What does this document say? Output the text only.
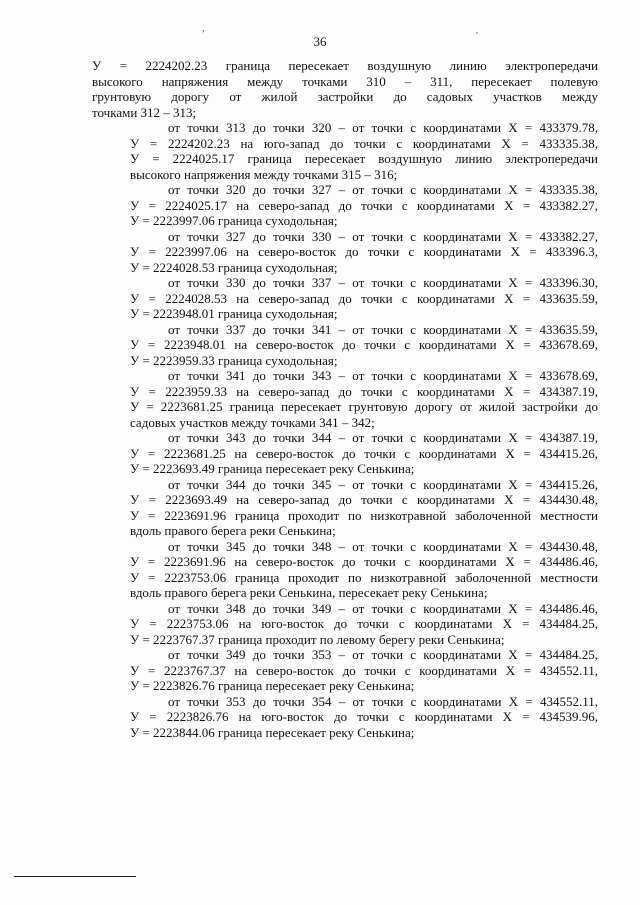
36
,
'
У = 2224202.23 граница пересекает воздушную линию электропередачи
высокого напряжения между точками 310 – 311, пересекает полевую
грунтовую дорогу от жилой застройки до садовых участков между
точками 312 – 313;
от точки 313 до точки 320 – от точки с координатами Х = 433379.78,
У = 2224202.23 на юго-запад до точки с координатами Х = 433335.38,
У = 2224025.17 граница пересекает воздушную линию электропередачи
высокого напряжения между точками 315 – 316;
от точки 320 до точки 327 – от точки с координатами Х = 433335.38,
У = 2224025.17 на северо-запад до точки с координатами Х = 433382.27,
У = 2223997.06 граница суходольная;
от точки 327 до точки 330 – от точки с координатами Х = 433382.27,
У = 2223997.06 на северо-восток до точки с координатами Х = 433396.3,
У = 2224028.53 граница суходольная;
от точки 330 до точки 337 – от точки с координатами Х = 433396.30,
У = 2224028.53 на северо-запад до точки с координатами Х = 433635.59,
У = 2223948.01 граница суходольная;
от точки 337 до точки 341 – от точки с координатами Х = 433635.59,
У = 2223948.01 на северо-восток до точки с координатами Х = 433678.69,
У = 2223959.33 граница суходольная;
от точки 341 до точки 343 – от точки с координатами Х = 433678.69,
У = 2223959.33 на северо-запад до точки с координатами Х = 434387.19,
У = 2223681.25 граница пересекает грунтовую дорогу от жилой застройки до
садовых участков между точками 341 – 342;
от точки 343 до точки 344 – от точки с координатами Х = 434387.19,
У = 2223681.25 на северо-восток до точки с координатами Х = 434415.26,
У = 2223693.49 граница пересекает реку Сенькина;
от точки 344 до точки 345 – от точки с координатами Х = 434415.26,
У = 2223693.49 на северо-запад до точки с координатами Х = 434430.48,
У = 2223691.96 граница проходит по низкотравной заболоченной местности
вдоль правого берега реки Сенькина;
от точки 345 до точки 348 – от точки с координатами Х = 434430.48,
У = 2223691.96 на северо-восток до точки с координатами Х = 434486.46,
У = 2223753.06 граница проходит по низкотравной заболоченной местности
вдоль правого берега реки Сенькина, пересекает реку Сенькина;
от точки 348 до точки 349 – от точки с координатами Х = 434486.46,
У = 2223753.06 на юго-восток до точки с координатами Х = 434484.25,
У = 2223767.37 граница проходит по левому берегу реки Сенькина;
от точки 349 до точки 353 – от точки с координатами Х = 434484.25,
У = 2223767.37 на северо-восток до точки с координатами Х = 434552.11,
У = 2223826.76 граница пересекает реку Сенькина;
от точки 353 до точки 354 – от точки с координатами Х = 434552.11,
У = 2223826.76 на юго-восток до точки с координатами Х = 434539.96,
У = 2223844.06 граница пересекает реку Сенькина;
